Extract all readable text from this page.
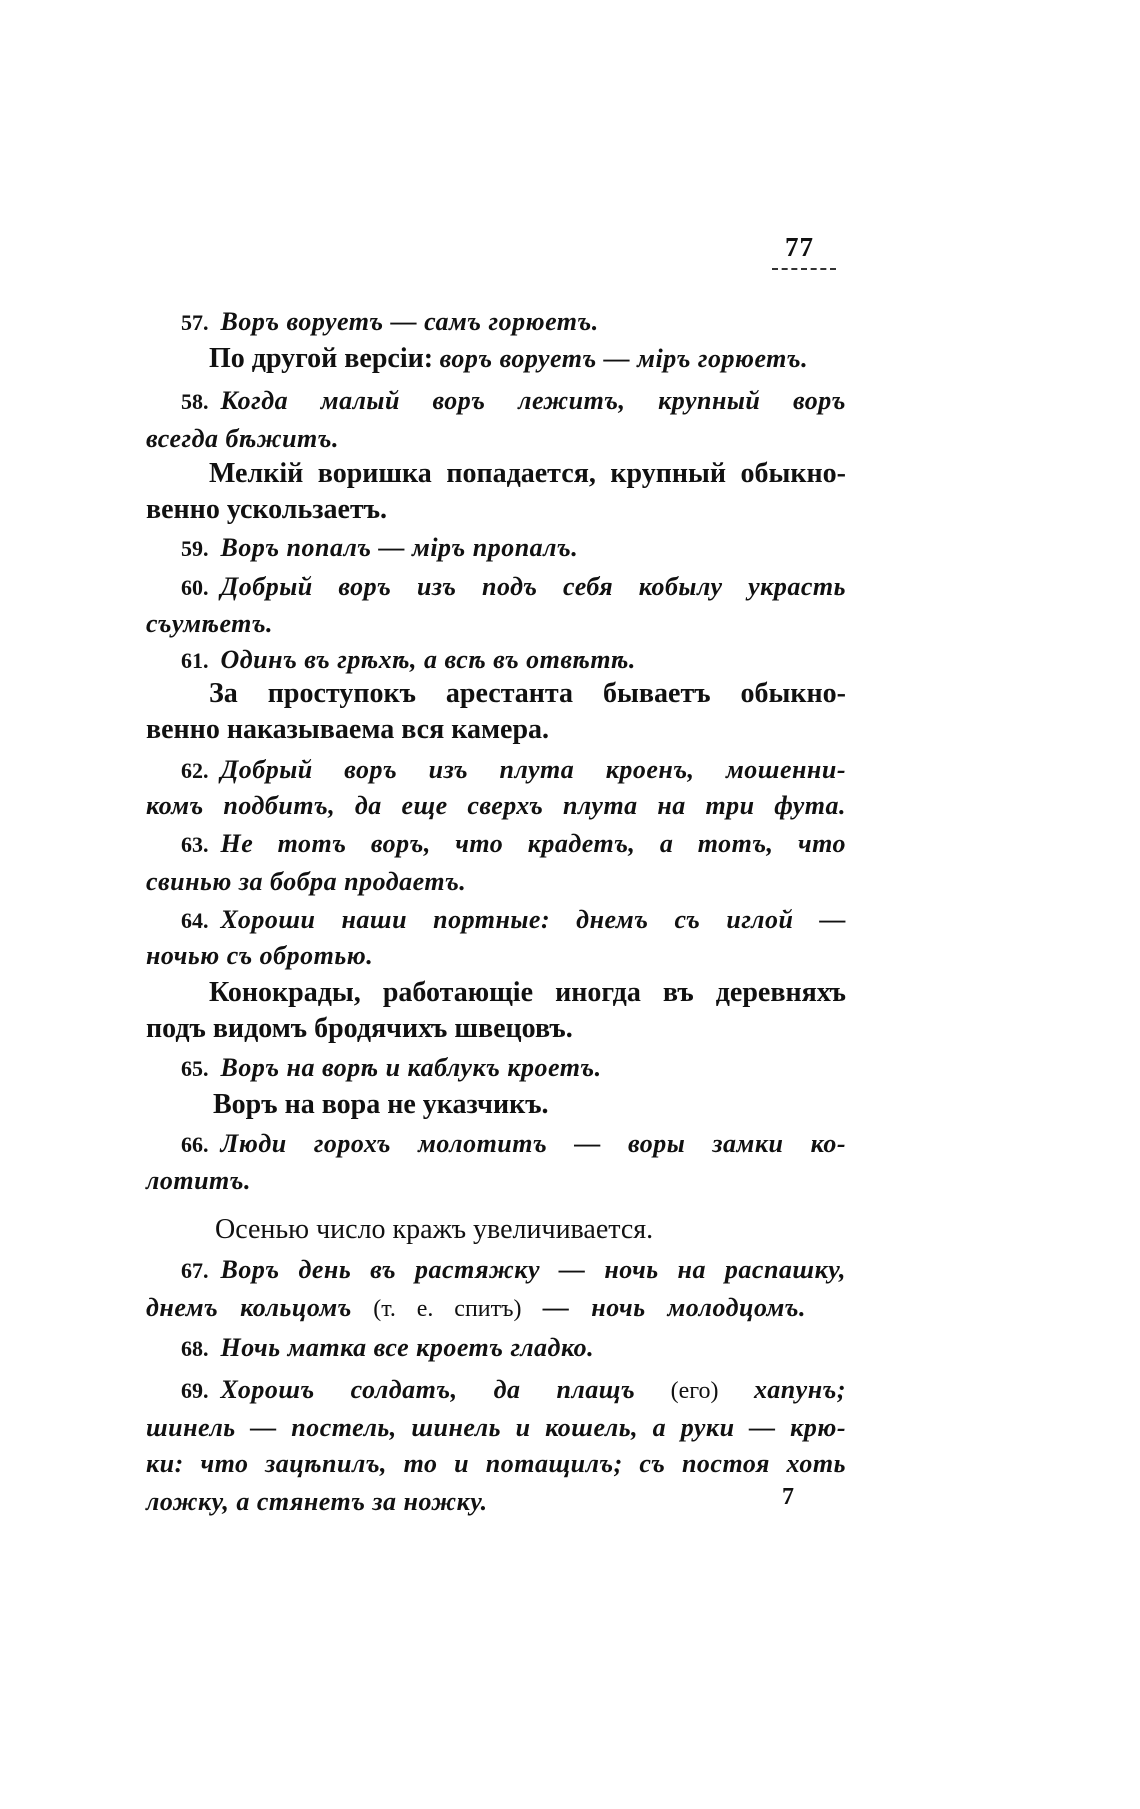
77
57. Воръ воруетъ — самъ горюетъ.
По другой версіи: воръ воруетъ — міръ горюетъ.
58. Когда малый воръ лежитъ, крупный воръ
всегда бѣжитъ.
Мелкій воришка попадается, крупный обыкно-
венно ускользаетъ.
59. Воръ попалъ — міръ пропалъ.
60. Добрый воръ изъ подъ себя кобылу украсть
съумѣетъ.
61. Одинъ въ грѣхѣ, а всѣ въ отвѣтѣ.
За проступокъ арестанта бываетъ обыкно-
венно наказываема вся камера.
62. Добрый воръ изъ плута кроенъ, мошенни-
комъ подбитъ, да еще сверхъ плута на три фута.
63. Не тотъ воръ, что крадетъ, а тотъ, что
свинью за бобра продаетъ.
64. Хороши наши портные: днемъ съ иглой —
ночью съ обротью.
Конокрады, работающіе иногда въ деревняхъ
подъ видомъ бродячихъ швецовъ.
65. Воръ на ворѣ и каблукъ кроетъ.
Воръ на вора не указчикъ.
66. Люди горохъ молотитъ — воры замки ко-
лотитъ.
Осенью число кражъ увеличивается.
67. Воръ день въ растяжку — ночь на распашку,
днемъ кольцомъ (т. е. спитъ) — ночь молодцомъ.
68. Ночь матка все кроетъ гладко.
69. Хорошъ солдатъ, да плащъ (его) хапунъ;
шинель — постель, шинель и кошель, а руки — крю-
ки: что зацѣпилъ, то и потащилъ; съ постоя хоть
ложку, а стянетъ за ножку.	7
